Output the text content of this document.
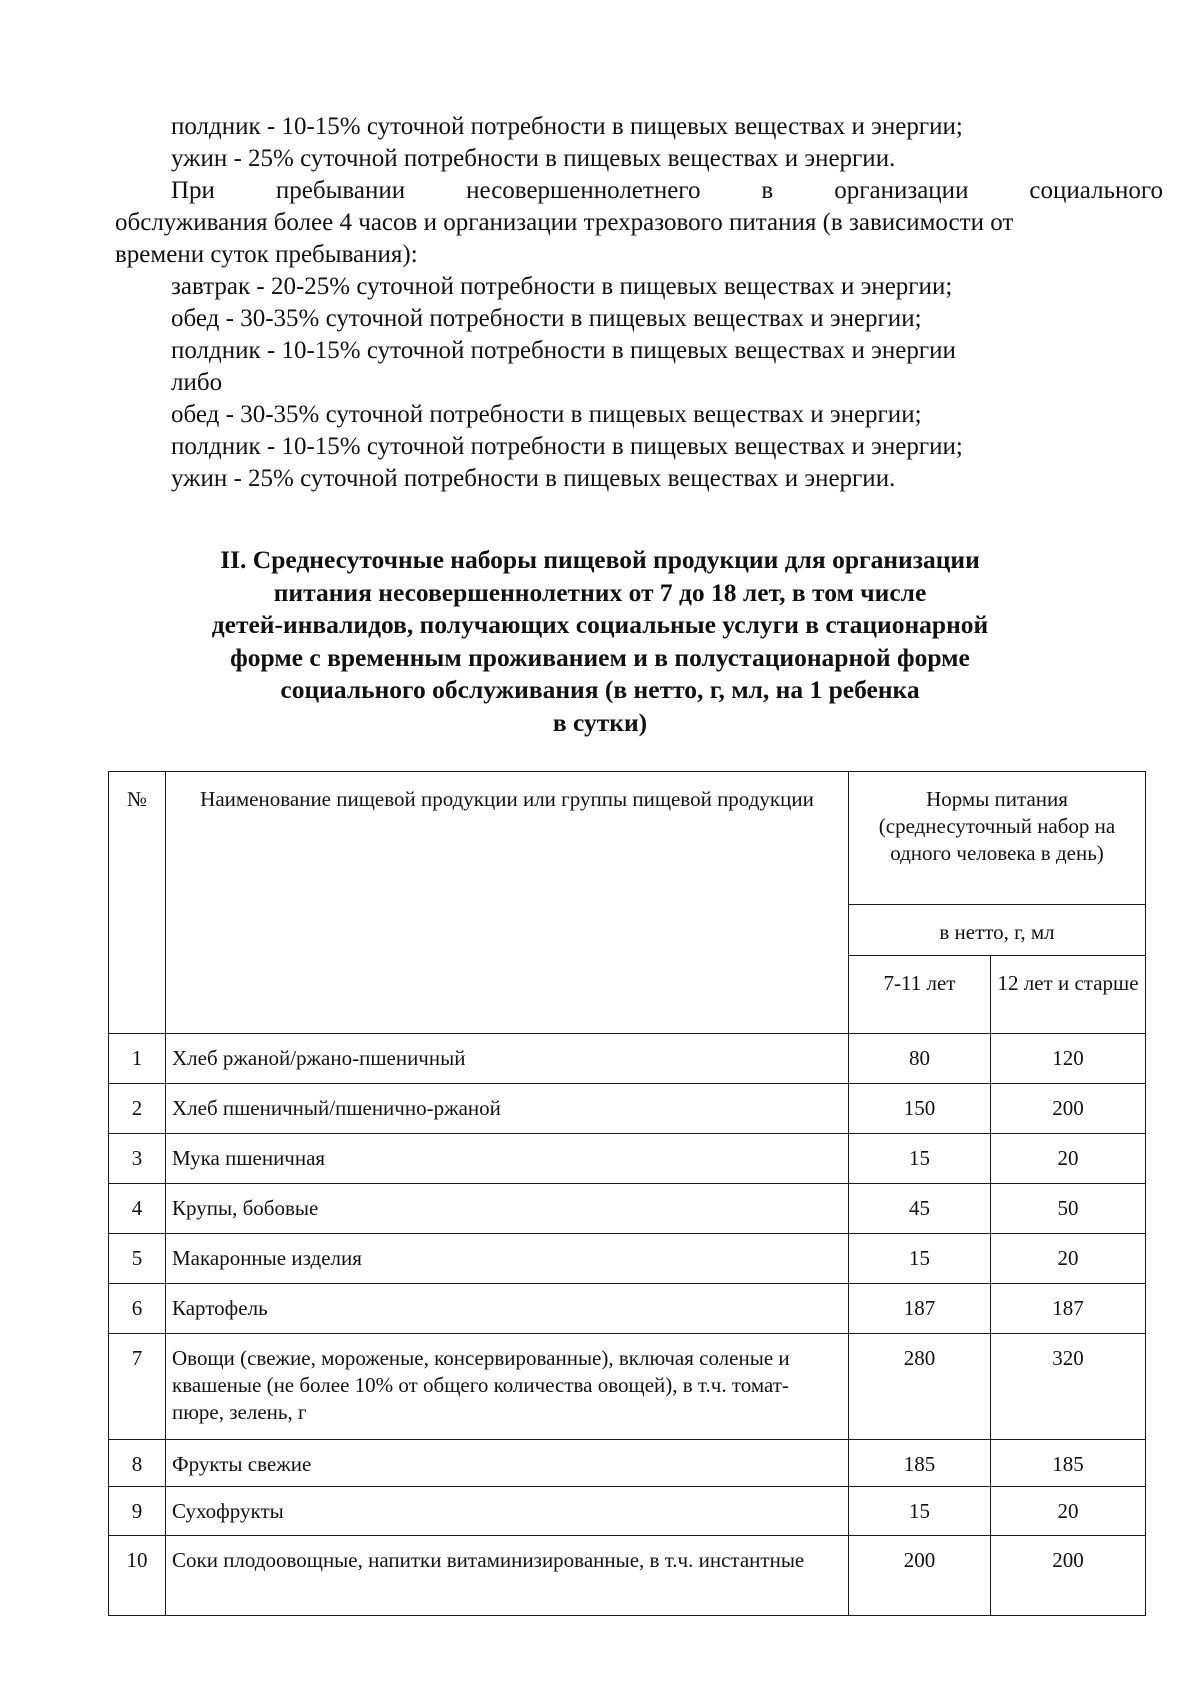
полдник - 10-15% суточной потребности в пищевых веществах и энергии;

ужин - 25% суточной потребности в пищевых веществах и энергии.

При пребывании несовершеннолетнего в организации социального

обслуживания более 4 часов и организации трехразового питания (в зависимости от

времени суток пребывания):

завтрак - 20-25% суточной потребности в пищевых веществах и энергии;

обед - 30-35% суточной потребности в пищевых веществах и энергии;

полдник - 10-15% суточной потребности в пищевых веществах и энергии

либо

обед - 30-35% суточной потребности в пищевых веществах и энергии;

полдник - 10-15% суточной потребности в пищевых веществах и энергии;

ужин - 25% суточной потребности в пищевых веществах и энергии.

II. Среднесуточные наборы пищевой продукции для организации
питания несовершеннолетних от 7 до 18 лет, в том числе
детей-инвалидов, получающих социальные услуги в стационарной
форме с временным проживанием и в полустационарной форме
социального обслуживания (в нетто, г, мл, на 1 ребенка
в сутки)
№	Наименование пищевой продукции или группы пищевой продукции	Нормы питания (среднесуточный набор на одного человека в день)	
		в нетто, г, мл	
		7-11 лет	12 лет и старше
1	Хлеб ржаной/ржано-пшеничный	80	120
2	Хлеб пшеничный/пшенично-ржаной	150	200
3	Мука пшеничная	15	20
4	Крупы, бобовые	45	50
5	Макаронные изделия	15	20
6	Картофель	187	187
7	Овощи (свежие, мороженые, консервированные), включая соленые и квашеные (не более 10% от общего количества овощей), в т.ч. томат-пюре, зелень, г	280	320
8	Фрукты свежие	185	185
9	Сухофрукты	15	20
10	Соки плодоовощные, напитки витаминизированные, в т.ч. инстантные	200	200
